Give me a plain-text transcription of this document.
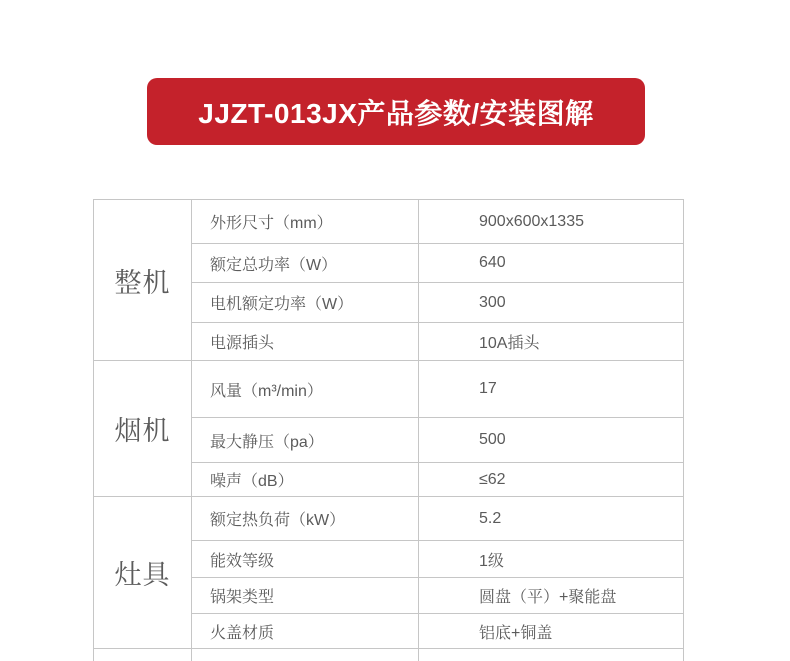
JJZT-013JX产品参数/安装图解
整机	外形尺寸（mm）	900x600x1335
	额定总功率（W）	640
	电机额定功率（W）	300
	电源插头	10A插头
烟机	风量（m³/min）	17
	最大静压（pa）	500
	噪声（dB）	≤62
灶具	额定热负荷（kW）	5.2
	能效等级	1级
	锅架类型	圆盘（平）+聚能盘
	火盖材质	铝底+铜盖
